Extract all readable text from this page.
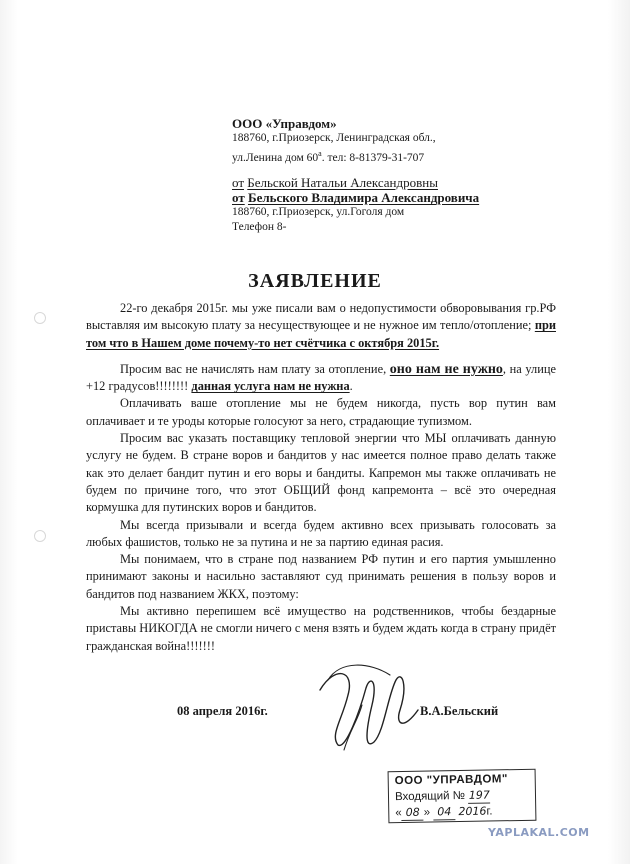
ООО «Управдом»
188760, г.Приозерск, Ленинградская обл.,
ул.Ленина дом $60^а$. тел: 8-81379-31-707
от Бельской Натальи Александровны
от Бельского Владимира Александровича
188760, г.Приозерск, ул.Гоголя дом
Телефон 8-
ЗАЯВЛЕНИЕ

22-го декабря 2015г. мы уже писали вам о недопустимости обворовывания гр.РФ выставляя им высокую плату за несуществующее и не нужное им тепло/отопление; при том что в Нашем доме почему-то нет счётчика с октября 2015г.

Просим вас не начислять нам плату за отопление, оно нам не нужно, на улице +12 градусов!!!!!!!! данная услуга нам не нужна.

Оплачивать ваше отопление мы не будем никогда, пусть вор путин вам оплачивает и те уроды которые голосуют за него, страдающие тупизмом.

Просим вас указать поставщику тепловой энергии что МЫ оплачивать данную услугу не будем. В стране воров и бандитов у нас имеется полное право делать также как это делает бандит путин и его воры и бандиты. Капремон мы также оплачивать не будем по причине того, что этот ОБЩИЙ фонд капремонта – всё это очередная кормушка для путинских воров и бандитов.

Мы всегда призывали и всегда будем активно всех призывать голосовать за любых фашистов, только не за путина и не за партию единая расия.

Мы понимаем, что в стране под названием РФ путин и его партия умышленно принимают законы и насильно заставляют суд принимать решения в пользу воров и бандитов под названием ЖКХ, поэтому:

Мы активно перепишем всё имущество на родственников, чтобы бездарные приставы НИКОГДА не смогли ничего с меня взять и будем ждать когда в страну придёт гражданская война!!!!!!!

08 апреля 2016г.	В.А.Бельский
ООО "УПРАВДОМ"
Входящий № 197
« 08 » 04 2016г.
YAPLAKAL.COM
